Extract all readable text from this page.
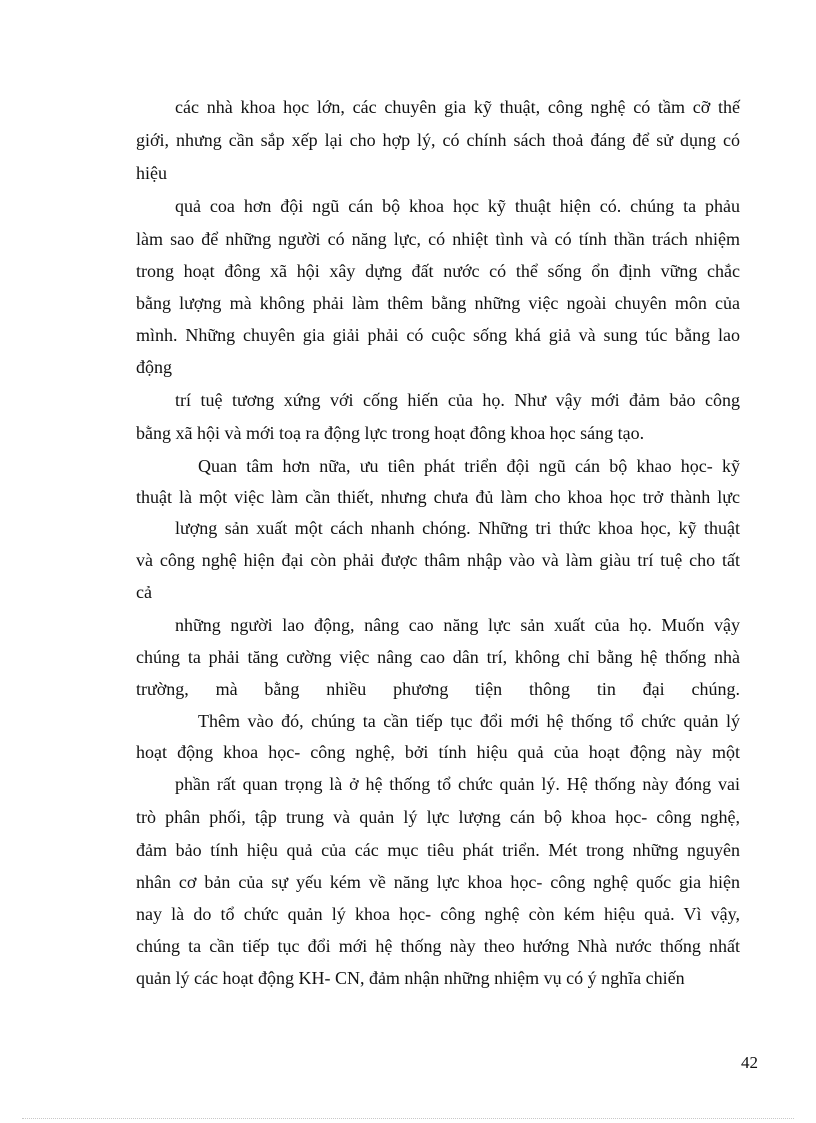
các nhà khoa học lớn, các chuyên gia kỹ thuật, công nghệ có tầm cỡ thế

giới, nhưng cần sắp xếp lại cho hợp lý, có chính sách thoả đáng để sử dụng có

hiệu

quả coa hơn đội ngũ cán bộ khoa học kỹ thuật hiện có. chúng ta phảu

làm sao để những người có năng lực, có nhiệt tình và có tính thần trách nhiệm

trong hoạt đông xã hội xây dựng đất nước có thể sống ổn định vững chắc

bằng lượng mà không phải làm thêm bằng những việc ngoài chuyên môn của

mình. Những chuyên gia giải phải có cuộc sống khá giả và sung túc bằng lao

động

trí tuệ tương xứng với cống hiến của họ. Như vậy mới đảm bảo công

bằng xã hội và mới toạ ra động lực trong hoạt đông khoa học sáng tạo.

Quan tâm hơn nữa, ưu tiên phát triển đội ngũ cán bộ khao học- kỹ

thuật là một việc làm cần thiết, nhưng chưa đủ làm cho khoa học trở thành lực

lượng sản xuất một cách nhanh chóng. Những tri thức khoa học, kỹ thuật

và công nghệ hiện đại còn phải được thâm nhập vào và làm giàu trí tuệ cho tất

cả

những người lao động, nâng cao năng lực sản xuất của họ. Muốn vậy

chúng ta phải tăng cường việc nâng cao dân trí, không chỉ bằng hệ thống nhà

trường, mà bằng nhiều phương tiện thông tin đại chúng.

Thêm vào đó, chúng ta cần tiếp tục đổi mới hệ thống tổ chức quản lý

hoạt động khoa học- công nghệ, bởi tính hiệu quả của hoạt động này một

phần rất quan trọng là ở hệ thống tổ chức quản lý. Hệ thống này đóng vai

trò phân phối, tập trung và quản lý lực lượng cán bộ khoa học- công nghệ,

đảm bảo tính hiệu quả của các mục tiêu phát triển. Mét trong những nguyên

nhân cơ bản của sự yếu kém về năng lực khoa học- công nghệ quốc gia hiện

nay là do tổ chức quản lý khoa học- công nghệ còn kém hiệu quả. Vì vậy,

chúng ta cần tiếp tục đổi mới hệ thống này theo hướng Nhà nước thống nhất

quản lý các hoạt động KH- CN, đảm nhận những nhiệm vụ có ý nghĩa chiến

42
